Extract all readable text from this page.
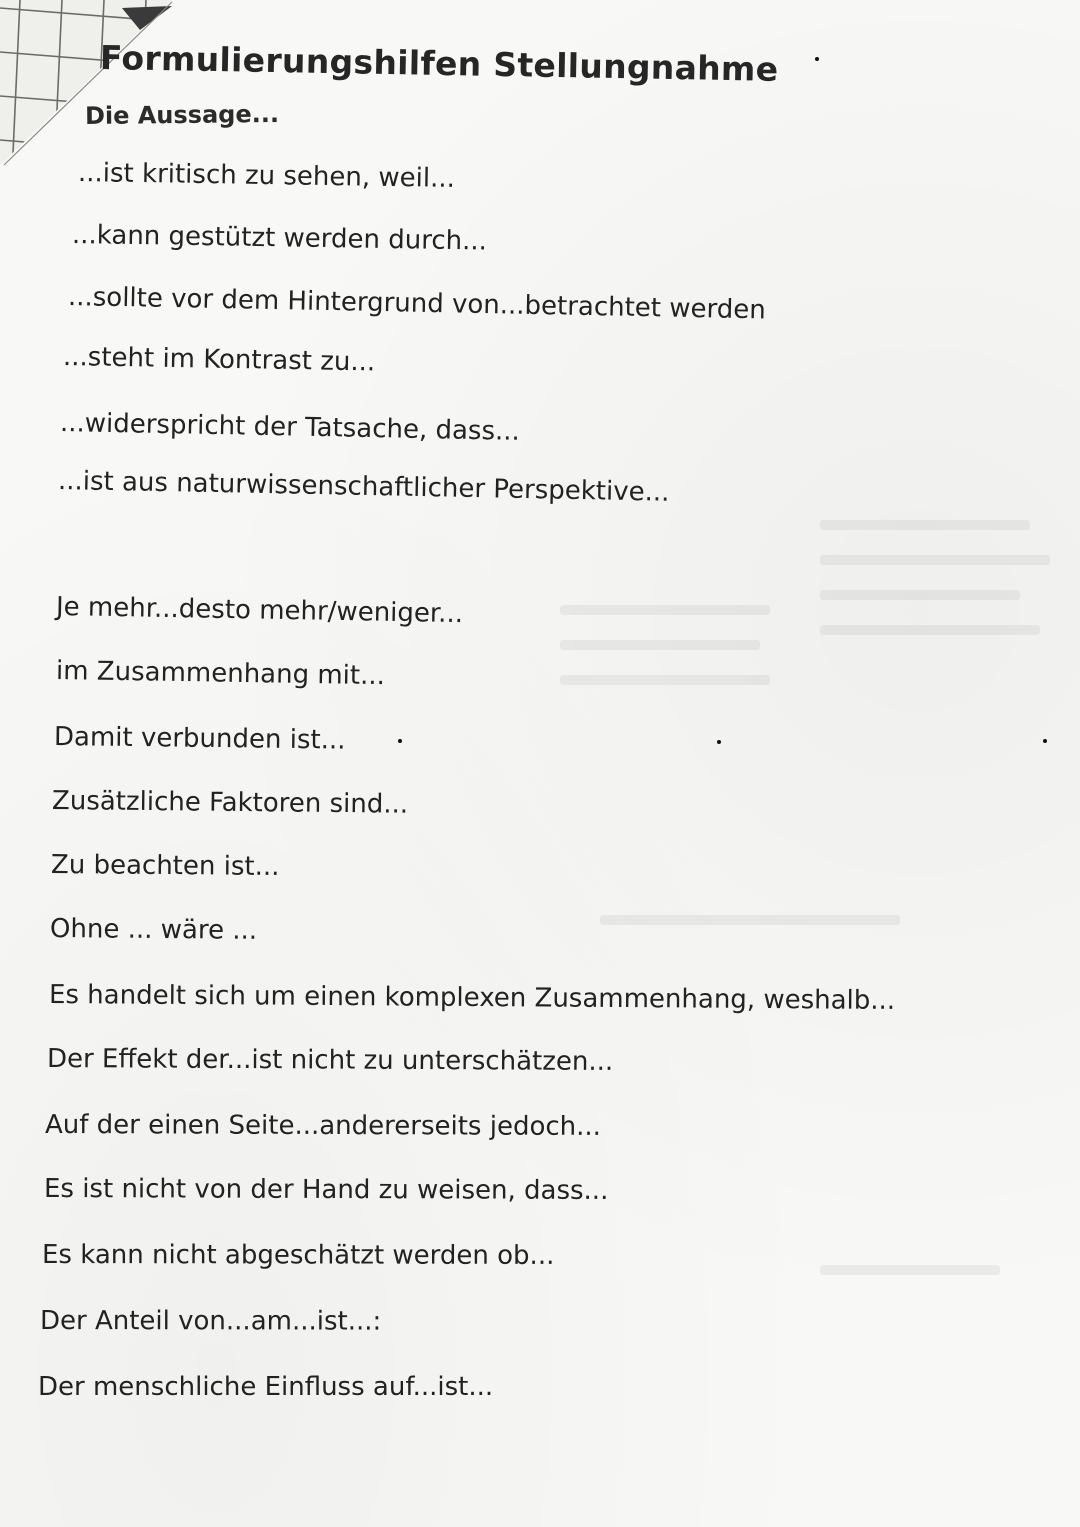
Formulierungshilfen Stellungnahme
Die Aussage...
...ist kritisch zu sehen, weil...
...kann gestützt werden durch...
...sollte vor dem Hintergrund von...betrachtet werden
...steht im Kontrast zu...
...widerspricht der Tatsache, dass...
...ist aus naturwissenschaftlicher Perspektive...
Je mehr...desto mehr/weniger...
im Zusammenhang mit...
Damit verbunden ist...
Zusätzliche Faktoren sind...
Zu beachten ist...
Ohne ... wäre ...
Es handelt sich um einen komplexen Zusammenhang, weshalb...
Der Effekt der...ist nicht zu unterschätzen...
Auf der einen Seite...andererseits jedoch...
Es ist nicht von der Hand zu weisen, dass...
Es kann nicht abgeschätzt werden ob...
Der Anteil von...am...ist...:
Der menschliche Einfluss auf...ist...
